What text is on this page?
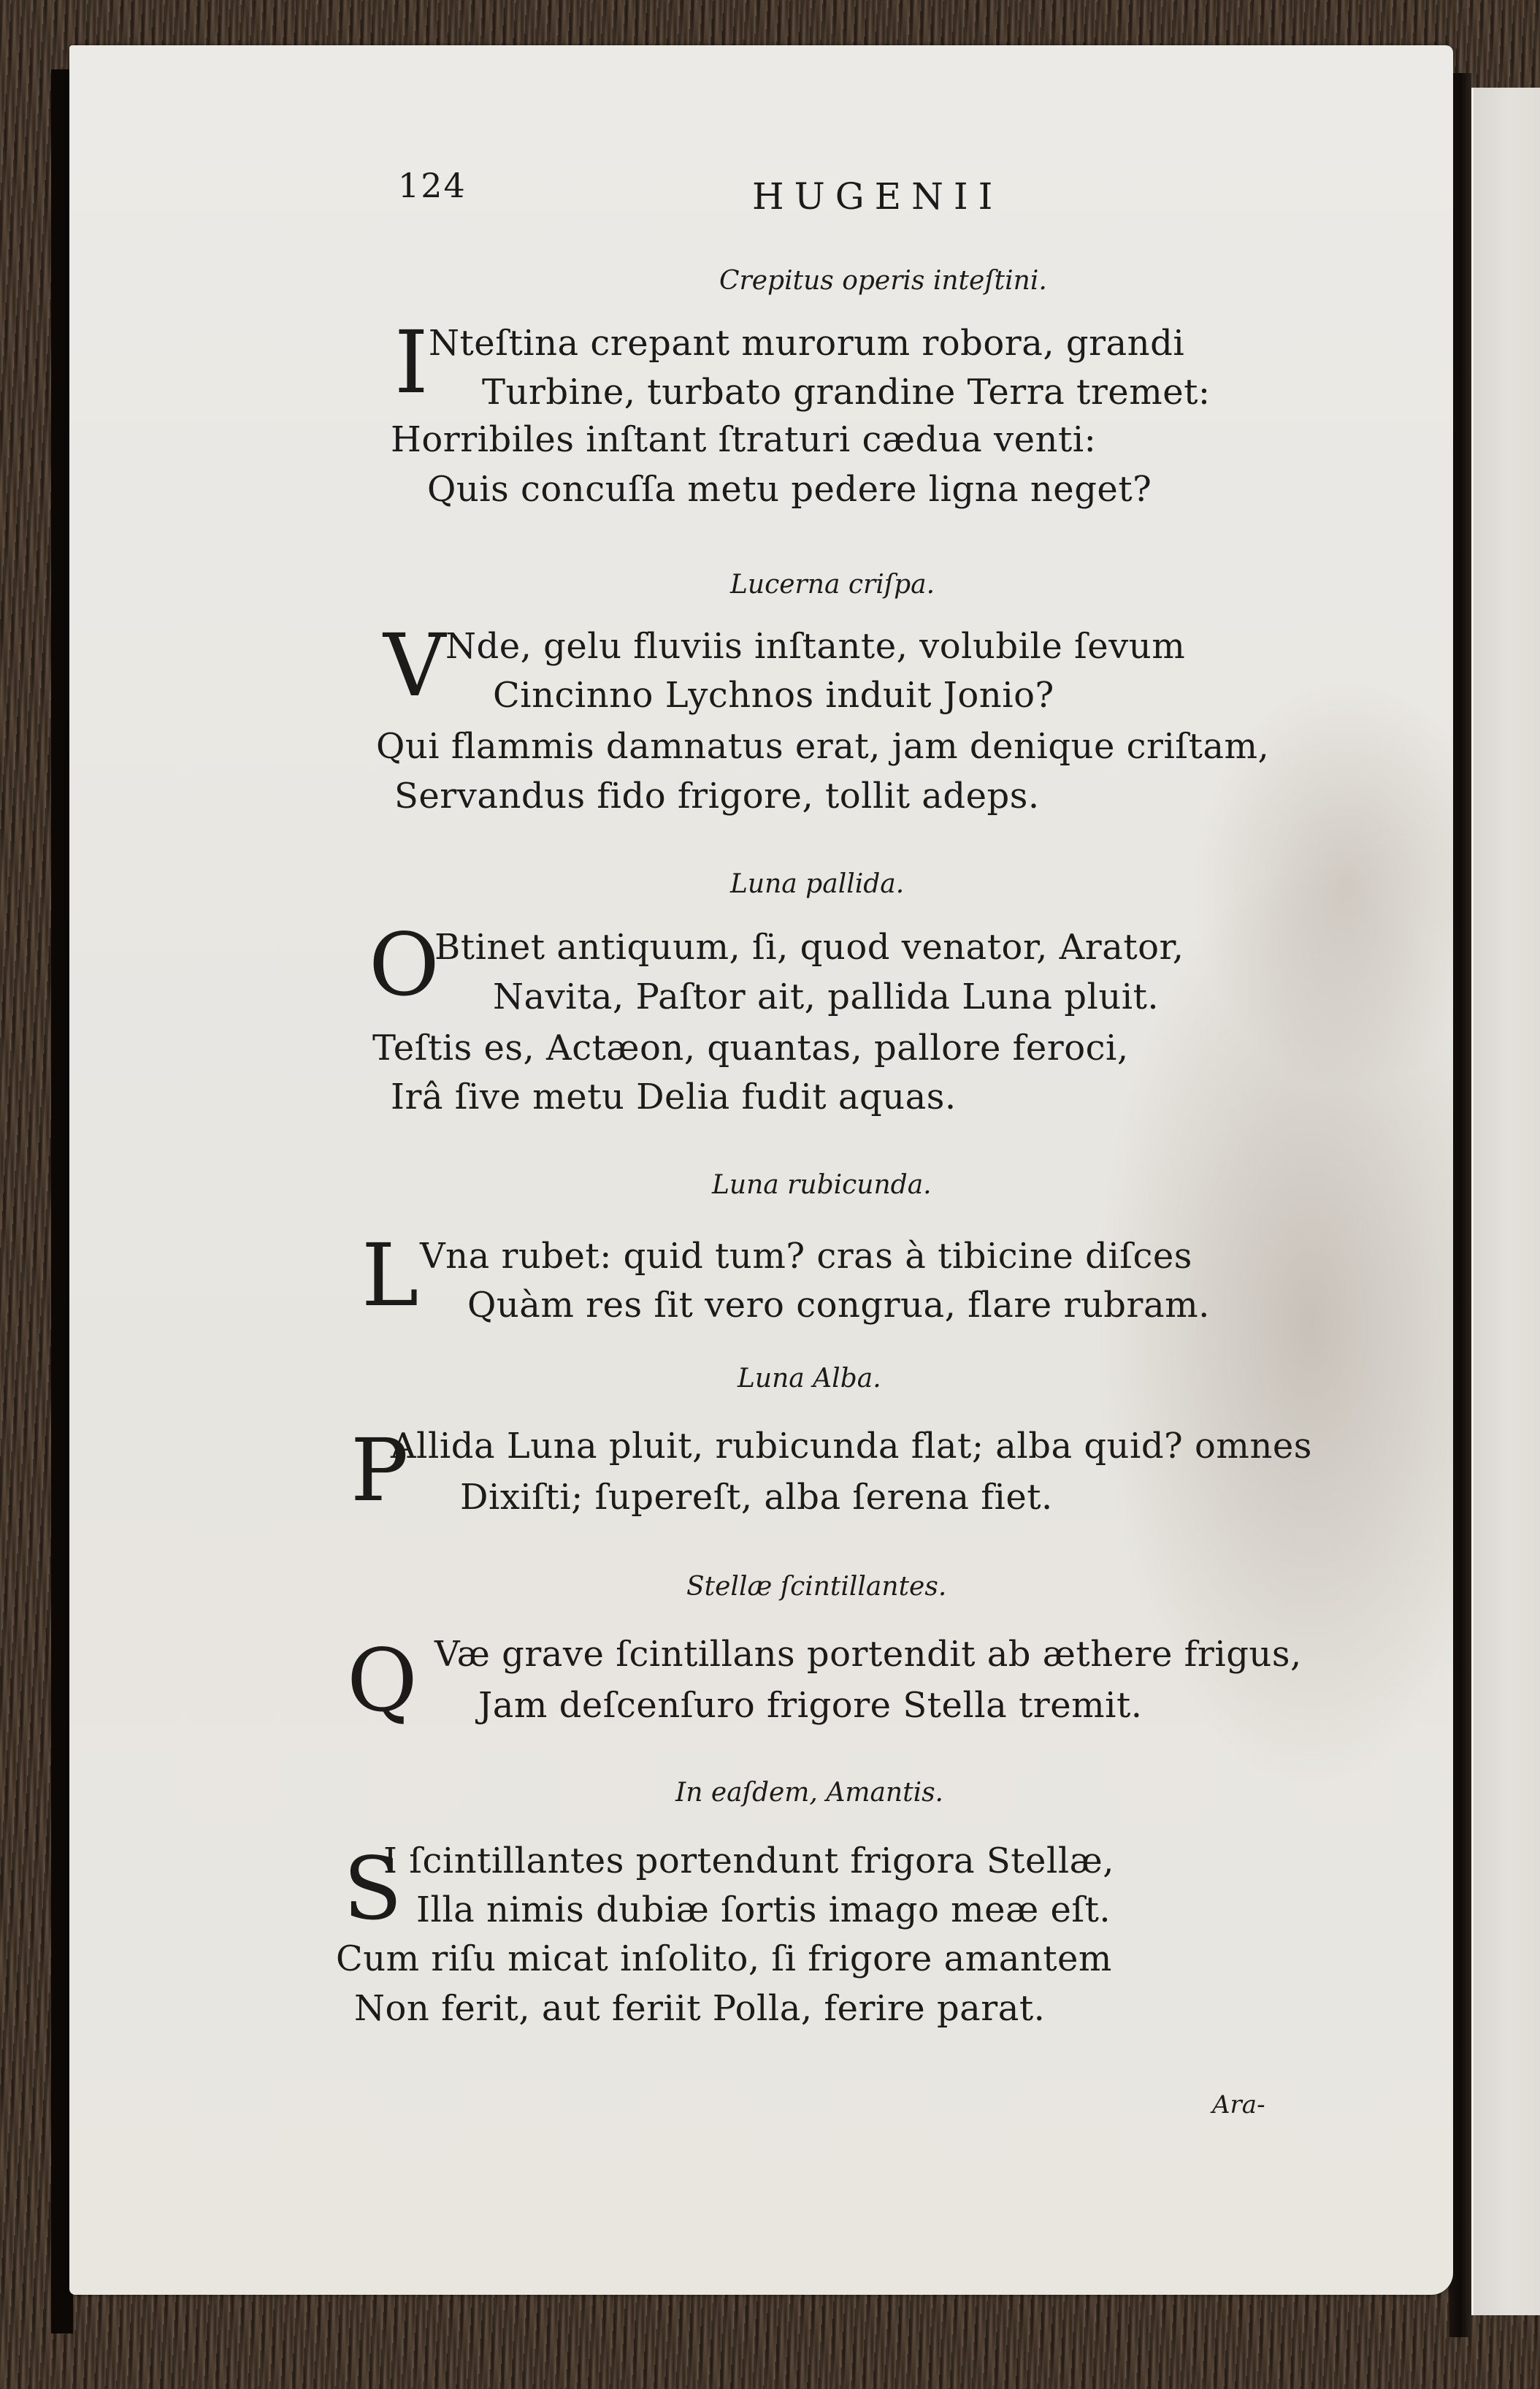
124	HUGENII
Crepitus operis inteſtini.
I Nteſtina crepant murorum robora, grandi
Turbine, turbato grandine Terra tremet:
Horribiles inſtant ſtraturi cædua venti:
Quis concuſſa metu pedere ligna neget?
Lucerna criſpa.
V Nde, gelu fluviis inſtante, volubile ſevum
Cincinno Lychnos induit Jonio?
Qui flammis damnatus erat, jam denique criſtam,
Servandus fido frigore, tollit adeps.
Luna pallida.
O
Btinet antiquum, ſi, quod venator, Arator,
Navita, Paſtor ait, pallida Luna pluit.
Teſtis es, Actæon, quantas, pallore feroci,
Irâ ſive metu Delia fudit aquas.
Luna rubicunda.
L Vna rubet: quid tum? cras à tibicine diſces
Quàm res ſit vero congrua, flare rubram.
Luna Alba.
P
Allida Luna pluit, rubicunda flat; alba quid? omnes
Dixiſti; ſupereſt, alba ſerena fiet.
Stellæ ſcintillantes.
Q Væ grave ſcintillans portendit ab æthere frigus,
Jam deſcenſuro frigore Stella tremit.
In eaſdem, Amantis.
S
I ſcintillantes portendunt frigora Stellæ,
Illa nimis dubiæ ſortis imago meæ eſt.
Cum riſu micat inſolito, ſi frigore amantem
Non ferit, aut feriit Polla, ferire parat.
Ara-
